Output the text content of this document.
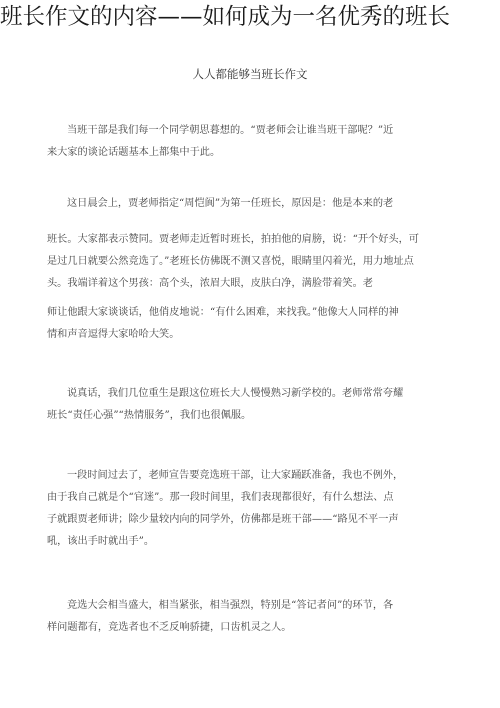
班长作文的内容——如何成为一名优秀的班长
人人都能够当班长作文
当班干部是我们每一个同学朝思暮想的。“贾老师会让谁当班干部呢？”近
来大家的谈论话题基本上都集中于此。
这日晨会上，贾老师指定“周恺阆”为第一任班长，原因是：他是本来的老
班长。大家都表示赞同。贾老师走近暂时班长，拍拍他的肩膀，说：“开个好头，可
是过几日就要公然竞选了。”老班长仿佛既不测又喜悦，眼睛里闪着光，用力地址点
头。我端详着这个男孩：高个头，浓眉大眼，皮肤白净，满脸带着笑。老
师让他跟大家谈谈话，他俏皮地说：“有什么困难，来找我。”他像大人同样的神
情和声音逗得大家哈哈大笑。
说真话，我们几位重生是跟这位班长大人慢慢熟习新学校的。老师常常夸耀
班长“责任心强”“热情服务”，我们也很佩服。
一段时间过去了，老师宣告要竞选班干部，让大家踊跃准备，我也不例外，
由于我自己就是个“官迷”。那一段时间里，我们表现都很好，有什么想法、点
子就跟贾老师讲；除少量较内向的同学外，仿佛都是班干部——“路见不平一声
吼，该出手时就出手”。
竞选大会相当盛大，相当紧张，相当强烈，特别是“答记者问”的环节，各
样问题都有，竞选者也不乏反响骄捷，口齿机灵之人。
